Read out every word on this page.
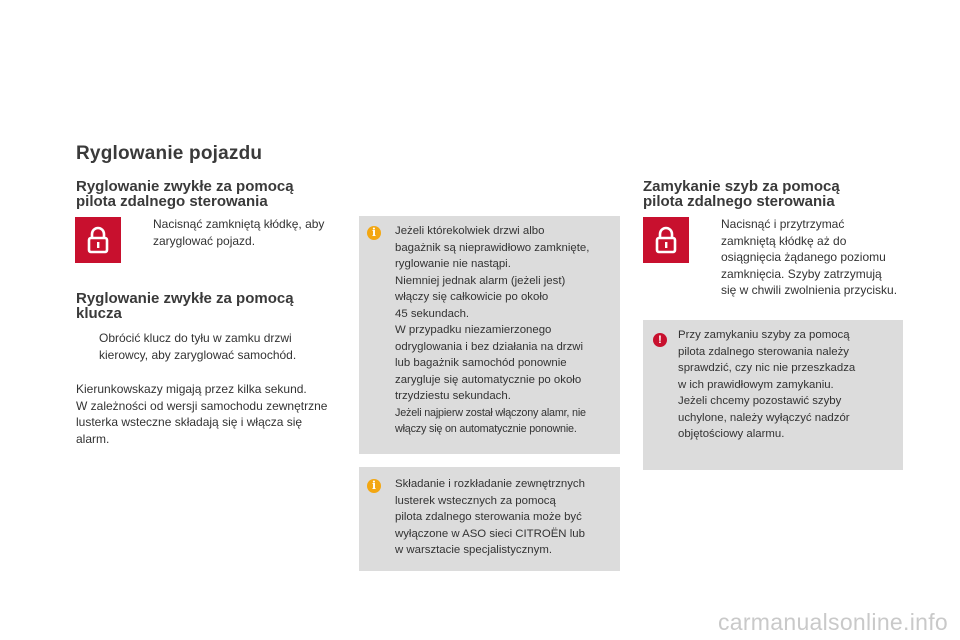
Ryglowanie pojazdu
Ryglowanie zwykłe za pomocą
pilota zdalnego sterowania
Nacisnąć zamkniętą kłódkę, aby
zaryglować pojazd.
Ryglowanie zwykłe za pomocą
klucza
Obrócić klucz do tyłu w zamku drzwi
kierowcy, aby zaryglować samochód.
Kierunkowskazy migają przez kilka sekund.
W zależności od wersji samochodu zewnętrzne
lusterka wsteczne składają się i włącza się
alarm.
i	Jeżeli którekolwiek drzwi albo
bagażnik są nieprawidłowo zamknięte,
ryglowanie nie nastąpi.
Niemniej jednak alarm (jeżeli jest)
włączy się całkowicie po około
45 sekundach.
W przypadku niezamierzonego
odryglowania i bez działania na drzwi
lub bagażnik samochód ponownie
zarygluje się automatycznie po około
trzydziestu sekundach.
Jeżeli najpierw został włączony alamr, nie
włączy się on automatycznie ponownie.
i	Składanie i rozkładanie zewnętrznych
lusterek wstecznych za pomocą
pilota zdalnego sterowania może być
wyłączone w ASO sieci CITROËN lub
w warsztacie specjalistycznym.
Zamykanie szyb za pomocą
pilota zdalnego sterowania
Nacisnąć i przytrzymać
zamkniętą kłódkę aż do
osiągnięcia żądanego poziomu
zamknięcia. Szyby zatrzymują
się w chwili zwolnienia przycisku.
!	Przy zamykaniu szyby za pomocą
pilota zdalnego sterowania należy
sprawdzić, czy nic nie przeszkadza
w ich prawidłowym zamykaniu.
Jeżeli chcemy pozostawić szyby
uchylone, należy wyłączyć nadzór
objętościowy alarmu.
carmanualsonline.info
